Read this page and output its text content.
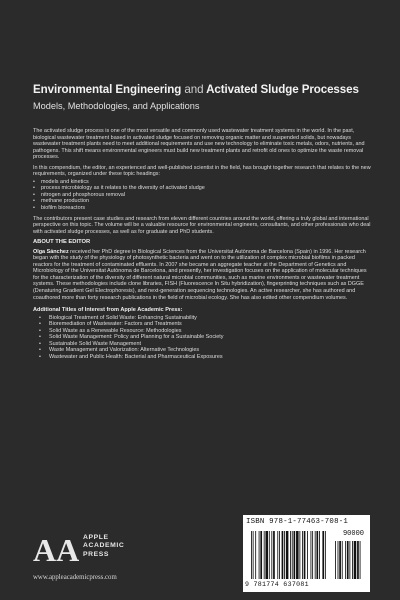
Environmental Engineering and Activated Sludge Processes
Models, Methodologies, and Applications

The activated sludge process is one of the most versatile and commonly used wastewater treatment systems in the world. In the past, biological wastewater treatment based in activated sludge focused on removing organic matter and suspended solids, but nowadays wastewater treatment plants need to meet additional requirements and use new technology to eliminate toxic metals, odors, nutrients, and pathogens. This shift means environmental engineers must build new treatment plants and retrofit old ones to optimize the waste removal processes.

In this compendium, the editor, an experienced and well-published scientist in the field, has brought together research that relates to the new requirements, organized under these topic headings:

• models and kinetics
• process microbiology as it relates to the diversity of activated sludge
• nitrogen and phosphorous removal
• methane production
• biofilm bioreactors

The contributors present case studies and research from eleven different countries around the world, offering a truly global and international perspective on this topic. The volume will be a valuable resource for environmental engineers, consultants, and other professionals who deal with activated sludge processes, as well as for graduate and PhD students.

ABOUT THE EDITOR

Olga Sánchez received her PhD degree in Biological Sciences from the Universitat Autònoma de Barcelona (Spain) in 1996. Her research began with the study of the physiology of photosynthetic bacteria and went on to the utilization of complex microbial biofilms in packed reactors for the treatment of contaminated effluents. In 2007 she became an aggregate teacher at the Department of Genetics and Microbiology of the Universitat Autònoma de Barcelona, and presently, her investigation focuses on the application of molecular techniques for the characterization of the diversity of different natural microbial communities, such as marine environments or wastewater treatment systems. These methodologies include clone libraries, FISH (Fluorescence In Situ hybridization), fingerprinting techniques such as DGGE (Denaturing Gradient Gel Electrophoresis), and next-generation sequencing technologies. An active researcher, she has authored and coauthored more than forty research publications in the field of microbial ecology. She has also edited other compendium volumes.

Additional Titles of Interest from Apple Academic Press:
• Biological Treatment of Solid Waste: Enhancing Sustainability
• Bioremediation of Wastewater: Factors and Treatments
• Solid Waste as a Renewable Resource: Methodologies
• Solid Waste Management: Policy and Planning for a Sustainable Society
• Sustainable Solid Waste Management
• Waste Management and Valorization: Alternative Technologies
• Wastewater and Public Health: Bacterial and Pharmaceutical Exposures
AA APPLE
ACADEMIC
PRESS
www.appleacademicpress.com
ISBN 978-1-77463-708-1
90000
9 781774 637081
